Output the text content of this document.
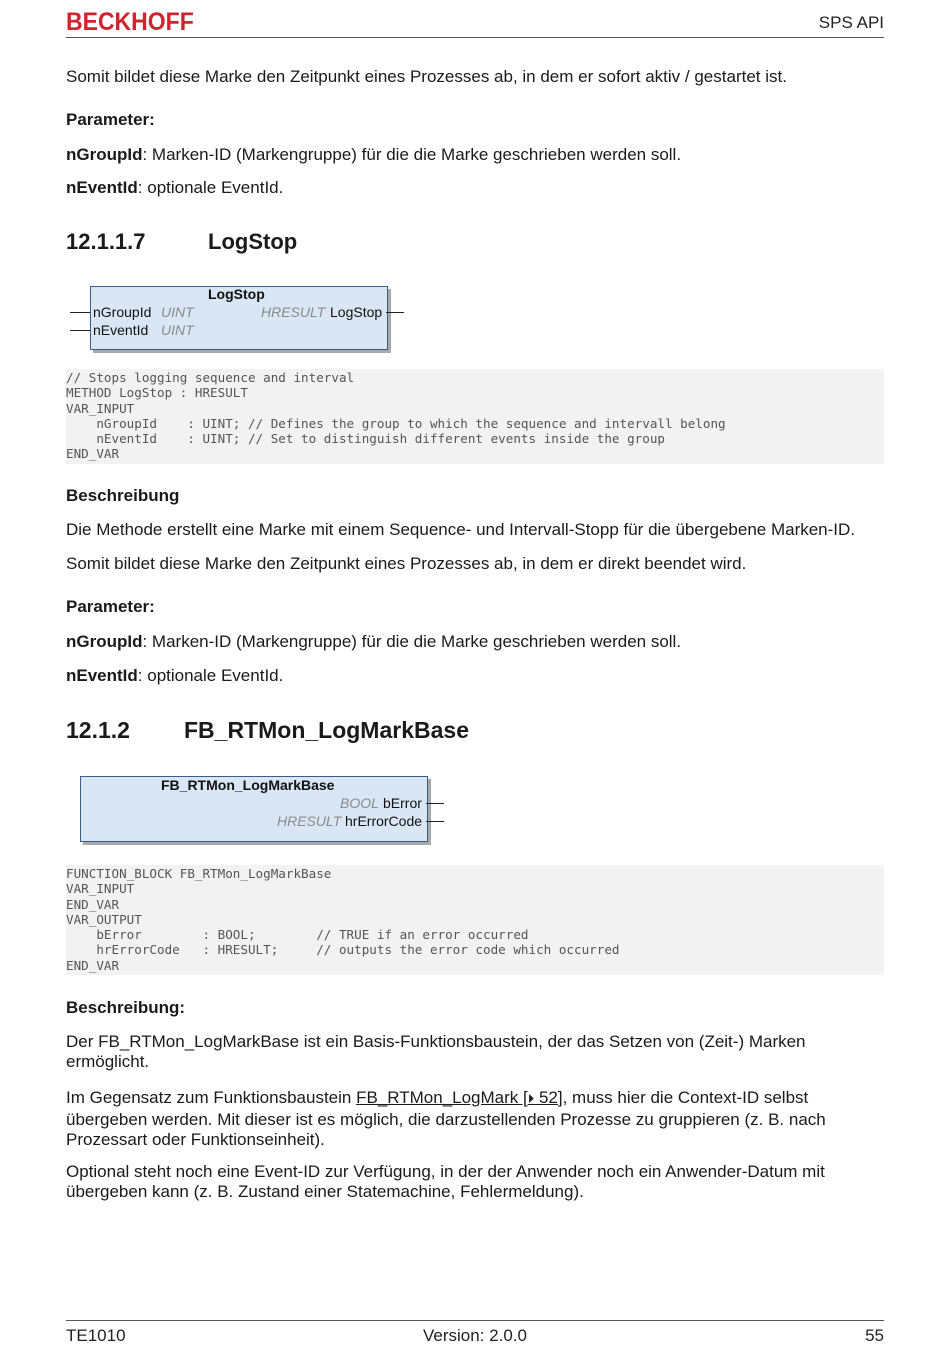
BECKHOFF	SPS API
Somit bildet diese Marke den Zeitpunkt eines Prozesses ab, in dem er sofort aktiv / gestartet ist.
Parameter:
nGroupId: Marken-ID (Markengruppe) für die die Marke geschrieben werden soll.
nEventId: optionale EventId.
12.1.1.7	LogStop
LogStop
nGroupId UINT
nEventId UINT
HRESULT LogStop
// Stops logging sequence and interval
METHOD LogStop : HRESULT
VAR_INPUT
nGroupId    : UINT; // Defines the group to which the sequence and intervall belong
nEventId    : UINT; // Set to distinguish different events inside the group
END_VAR
Beschreibung
Die Methode erstellt eine Marke mit einem Sequence- und Intervall-Stopp für die übergebene Marken-ID.
Somit bildet diese Marke den Zeitpunkt eines Prozesses ab, in dem er direkt beendet wird.
Parameter:
nGroupId: Marken-ID (Markengruppe) für die die Marke geschrieben werden soll.
nEventId: optionale EventId.
12.1.2 FB_RTMon_LogMarkBase
FB_RTMon_LogMarkBase
BOOL bError
HRESULT hrErrorCode
FUNCTION_BLOCK FB_RTMon_LogMarkBase
VAR_INPUT
END_VAR
VAR_OUTPUT
bError        : BOOL;        // TRUE if an error occurred
hrErrorCode   : HRESULT;     // outputs the error code which occurred
END_VAR
Beschreibung:
Der FB_RTMon_LogMarkBase ist ein Basis-Funktionsbaustein, der das Setzen von (Zeit-) Marken ermöglicht.
Im Gegensatz zum Funktionsbaustein FB_RTMon_LogMark [⏵ 52], muss hier die Context-ID selbst übergeben werden. Mit dieser ist es möglich, die darzustellenden Prozesse zu gruppieren (z. B. nach Prozessart oder Funktionseinheit).
Optional steht noch eine Event-ID zur Verfügung, in der der Anwender noch ein Anwender-Datum mit übergeben kann (z. B. Zustand einer Statemachine, Fehlermeldung).
TE1010	Version: 2.0.0	55
